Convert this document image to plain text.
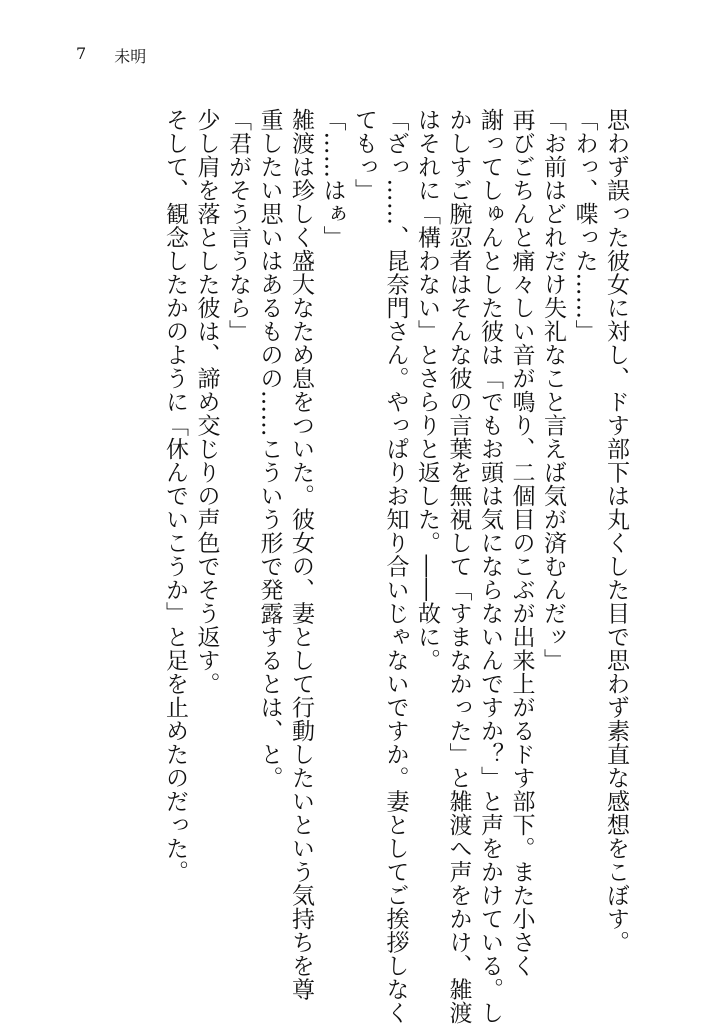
7 未明
思わず誤った彼女に対し、ドす部下は丸くした目で思わず素直な感想をこぼす。
「わっ、喋った……」
「お前はどれだけ失礼なこと言えば気が済むんだッ」
再びごちんと痛々しい音が鳴り、二個目のこぶが出来上がるドす部下。また小さく
謝ってしゅんとした彼は「でもお頭は気にならないんですか？」と声をかけている。し
かしすご腕忍者はそんな彼の言葉を無視して「すまなかった」と雑渡へ声をかけ、雑渡
はそれに「構わない」とさらりと返した。――故に。
「ざっ……、昆奈門さん。やっぱりお知り合いじゃないですか。妻としてご挨拶しなく
てもっ」
「……はぁ」
雑渡は珍しく盛大なため息をついた。彼女の、妻として行動したいという気持ちを尊
重したい思いはあるものの……こういう形で発露するとは、と。
「君がそう言うなら」
少し肩を落とした彼は、諦め交じりの声色でそう返す。
そして、観念したかのように「休んでいこうか」と足を止めたのだった。
